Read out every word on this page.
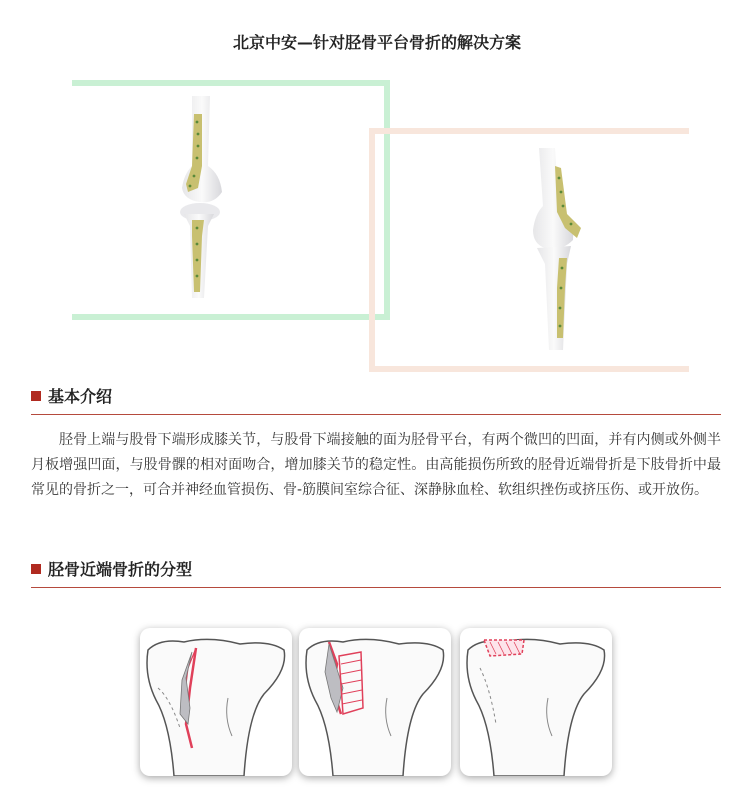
北京中安—针对胫骨平台骨折的解决方案
基本介绍
胫骨上端与股骨下端形成膝关节，与股骨下端接触的面为胫骨平台，有两个微凹的凹面，并有内侧或外侧半月板增强凹面，与股骨髁的相对面吻合，增加膝关节的稳定性。由高能损伤所致的胫骨近端骨折是下肢骨折中最常见的骨折之一，可合并神经血管损伤、骨-筋膜间室综合征、深静脉血栓、软组织挫伤或挤压伤、或开放伤。
胫骨近端骨折的分型
